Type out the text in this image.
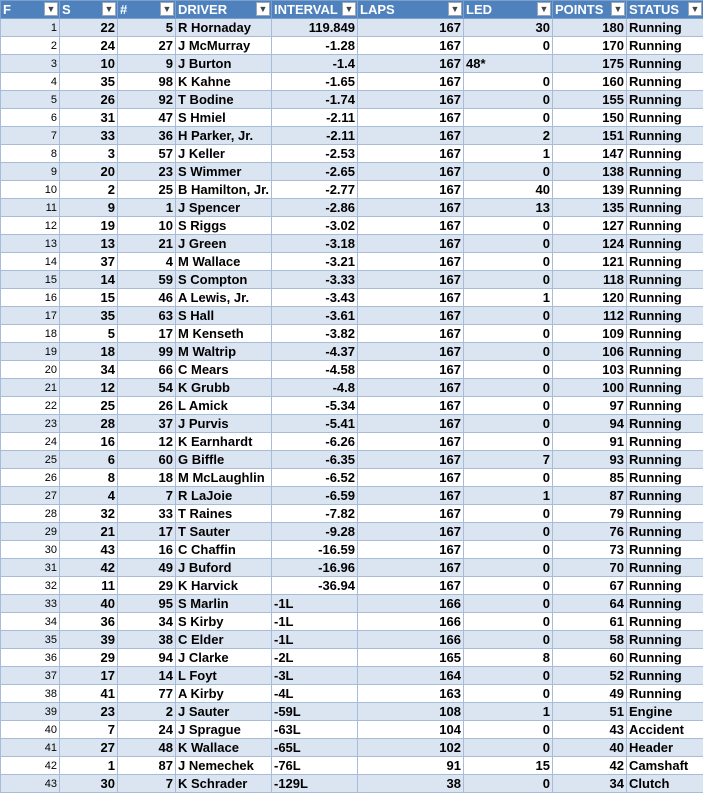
F ▼	S ▼	# ▼	DRIVER ▼	INTERVAL ▼	LAPS ▼	LED ▼	POINTS ▼	STATUS ▼

1	22	5	R Hornaday	119.849	167	30	180	Running
2	24	27	J McMurray	-1.28	167	0	170	Running
3	10	9	J Burton	-1.4	167	48*	175	Running
4	35	98	K Kahne	-1.65	167	0	160	Running
5	26	92	T Bodine	-1.74	167	0	155	Running
6	31	47	S Hmiel	-2.11	167	0	150	Running
7	33	36	H Parker, Jr.	-2.11	167	2	151	Running
8	3	57	J Keller	-2.53	167	1	147	Running
9	20	23	S Wimmer	-2.65	167	0	138	Running
10	2	25	B Hamilton, Jr.	-2.77	167	40	139	Running
11	9	1	J Spencer	-2.86	167	13	135	Running
12	19	10	S Riggs	-3.02	167	0	127	Running
13	13	21	J Green	-3.18	167	0	124	Running
14	37	4	M Wallace	-3.21	167	0	121	Running
15	14	59	S Compton	-3.33	167	0	118	Running
16	15	46	A Lewis, Jr.	-3.43	167	1	120	Running
17	35	63	S Hall	-3.61	167	0	112	Running
18	5	17	M Kenseth	-3.82	167	0	109	Running
19	18	99	M Waltrip	-4.37	167	0	106	Running
20	34	66	C Mears	-4.58	167	0	103	Running
21	12	54	K Grubb	-4.8	167	0	100	Running
22	25	26	L Amick	-5.34	167	0	97	Running
23	28	37	J Purvis	-5.41	167	0	94	Running
24	16	12	K Earnhardt	-6.26	167	0	91	Running
25	6	60	G Biffle	-6.35	167	7	93	Running
26	8	18	M McLaughlin	-6.52	167	0	85	Running
27	4	7	R LaJoie	-6.59	167	1	87	Running
28	32	33	T Raines	-7.82	167	0	79	Running
29	21	17	T Sauter	-9.28	167	0	76	Running
30	43	16	C Chaffin	-16.59	167	0	73	Running
31	42	49	J Buford	-16.96	167	0	70	Running
32	11	29	K Harvick	-36.94	167	0	67	Running
33	40	95	S Marlin	-1L	166	0	64	Running
34	36	34	S Kirby	-1L	166	0	61	Running
35	39	38	C Elder	-1L	166	0	58	Running
36	29	94	J Clarke	-2L	165	8	60	Running
37	17	14	L Foyt	-3L	164	0	52	Running
38	41	77	A Kirby	-4L	163	0	49	Running
39	23	2	J Sauter	-59L	108	1	51	Engine
40	7	24	J Sprague	-63L	104	0	43	Accident
41	27	48	K Wallace	-65L	102	0	40	Header
42	1	87	J Nemechek	-76L	91	15	42	Camshaft
43	30	7	K Schrader	-129L	38	0	34	Clutch
